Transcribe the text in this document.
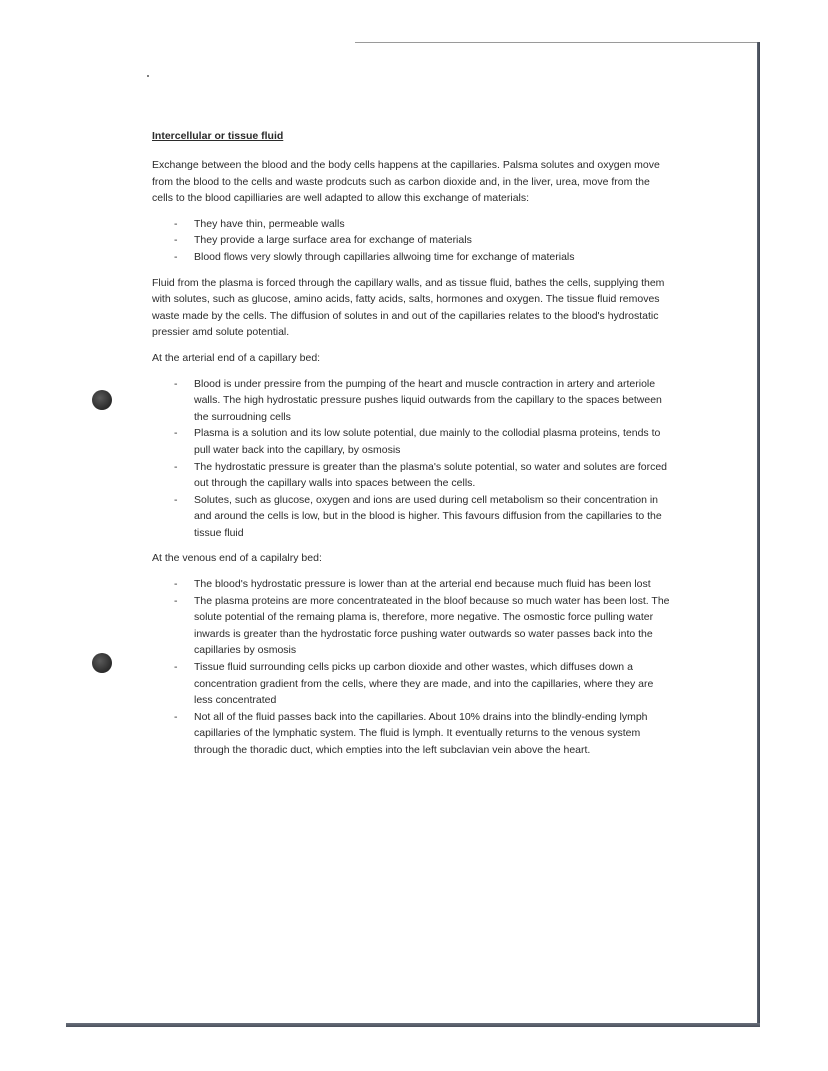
Intercellular or tissue fluid

Exchange between the blood and the body cells happens at the capillaries. Palsma solutes and oxygen move from the blood to the cells and waste prodcuts such as carbon dioxide and, in the liver, urea, move from the cells to the blood capilliaries are well adapted to allow this exchange of materials:

- They have thin, permeable walls
- They provide a large surface area for exchange of materials
- Blood flows very slowly through capillaries allwoing time for exchange of materials

Fluid from the plasma is forced through the capillary walls, and as tissue fluid, bathes the cells, supplying them with solutes, such as glucose, amino acids, fatty acids, salts, hormones and oxygen. The tissue fluid removes waste made by the cells. The diffusion of solutes in and out of the capillaries relates to the blood's hydrostatic pressier amd solute potential.

At the arterial end of a capillary bed:

- Blood is under pressire from the pumping of the heart and muscle contraction in artery and arteriole walls. The high hydrostatic pressure pushes liquid outwards from the capillary to the spaces between the surroudning cells
- Plasma is a solution and its low solute potential, due mainly to the collodial plasma proteins, tends to pull water back into the capillary, by osmosis
- The hydrostatic pressure is greater than the plasma's solute potential, so water and solutes are forced out through the capillary walls into spaces between the cells.
- Solutes, such as glucose, oxygen and ions are used during cell metabolism so their concentration in and around the cells is low, but in the blood is higher. This favours diffusion from the capillaries to the tissue fluid

At the venous end of a capilalry bed:

- The blood's hydrostatic pressure is lower than at the arterial end because much fluid has been lost
- The plasma proteins are more concentrateated in the bloof because so much water has been lost. The solute potential of the remaing plama is, therefore, more negative. The osmostic force pulling water inwards is greater than the hydrostatic force pushing water outwards so water passes back into the capillaries by osmosis
- Tissue fluid surrounding cells picks up carbon dioxide and other wastes, which diffuses down a concentration gradient from the cells, where they are made, and into the capillaries, where they are less concentrated
- Not all of the fluid passes back into the capillaries. About 10% drains into the blindly-ending lymph capillaries of the lymphatic system. The fluid is lymph. It eventually returns to the venous system through the thoradic duct, which empties into the left subclavian vein above the heart.
